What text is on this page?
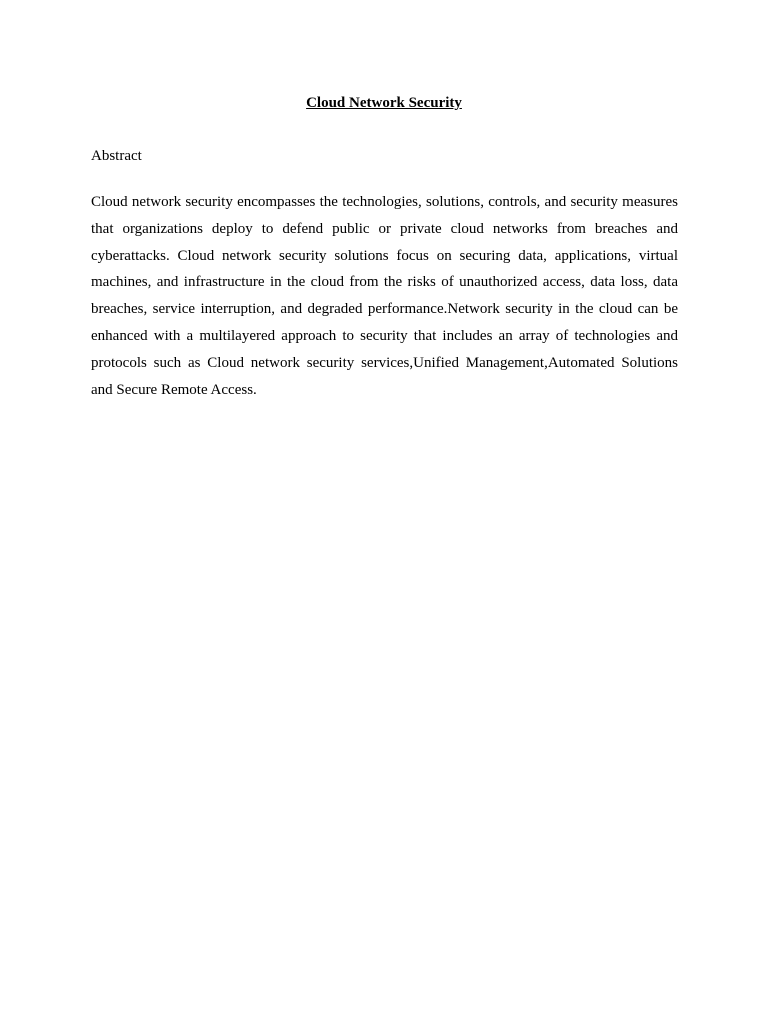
Cloud Network Security
Abstract

Cloud network security encompasses the technologies, solutions, controls, and security measures that organizations deploy to defend public or private cloud networks from breaches and cyberattacks. Cloud network security solutions focus on securing data, applications, virtual machines, and infrastructure in the cloud from the risks of unauthorized access, data loss, data breaches, service interruption, and degraded performance.Network security in the cloud can be enhanced with a multilayered approach to security that includes an array of technologies and protocols such as Cloud network security services,Unified Management,Automated Solutions and Secure Remote Access.
